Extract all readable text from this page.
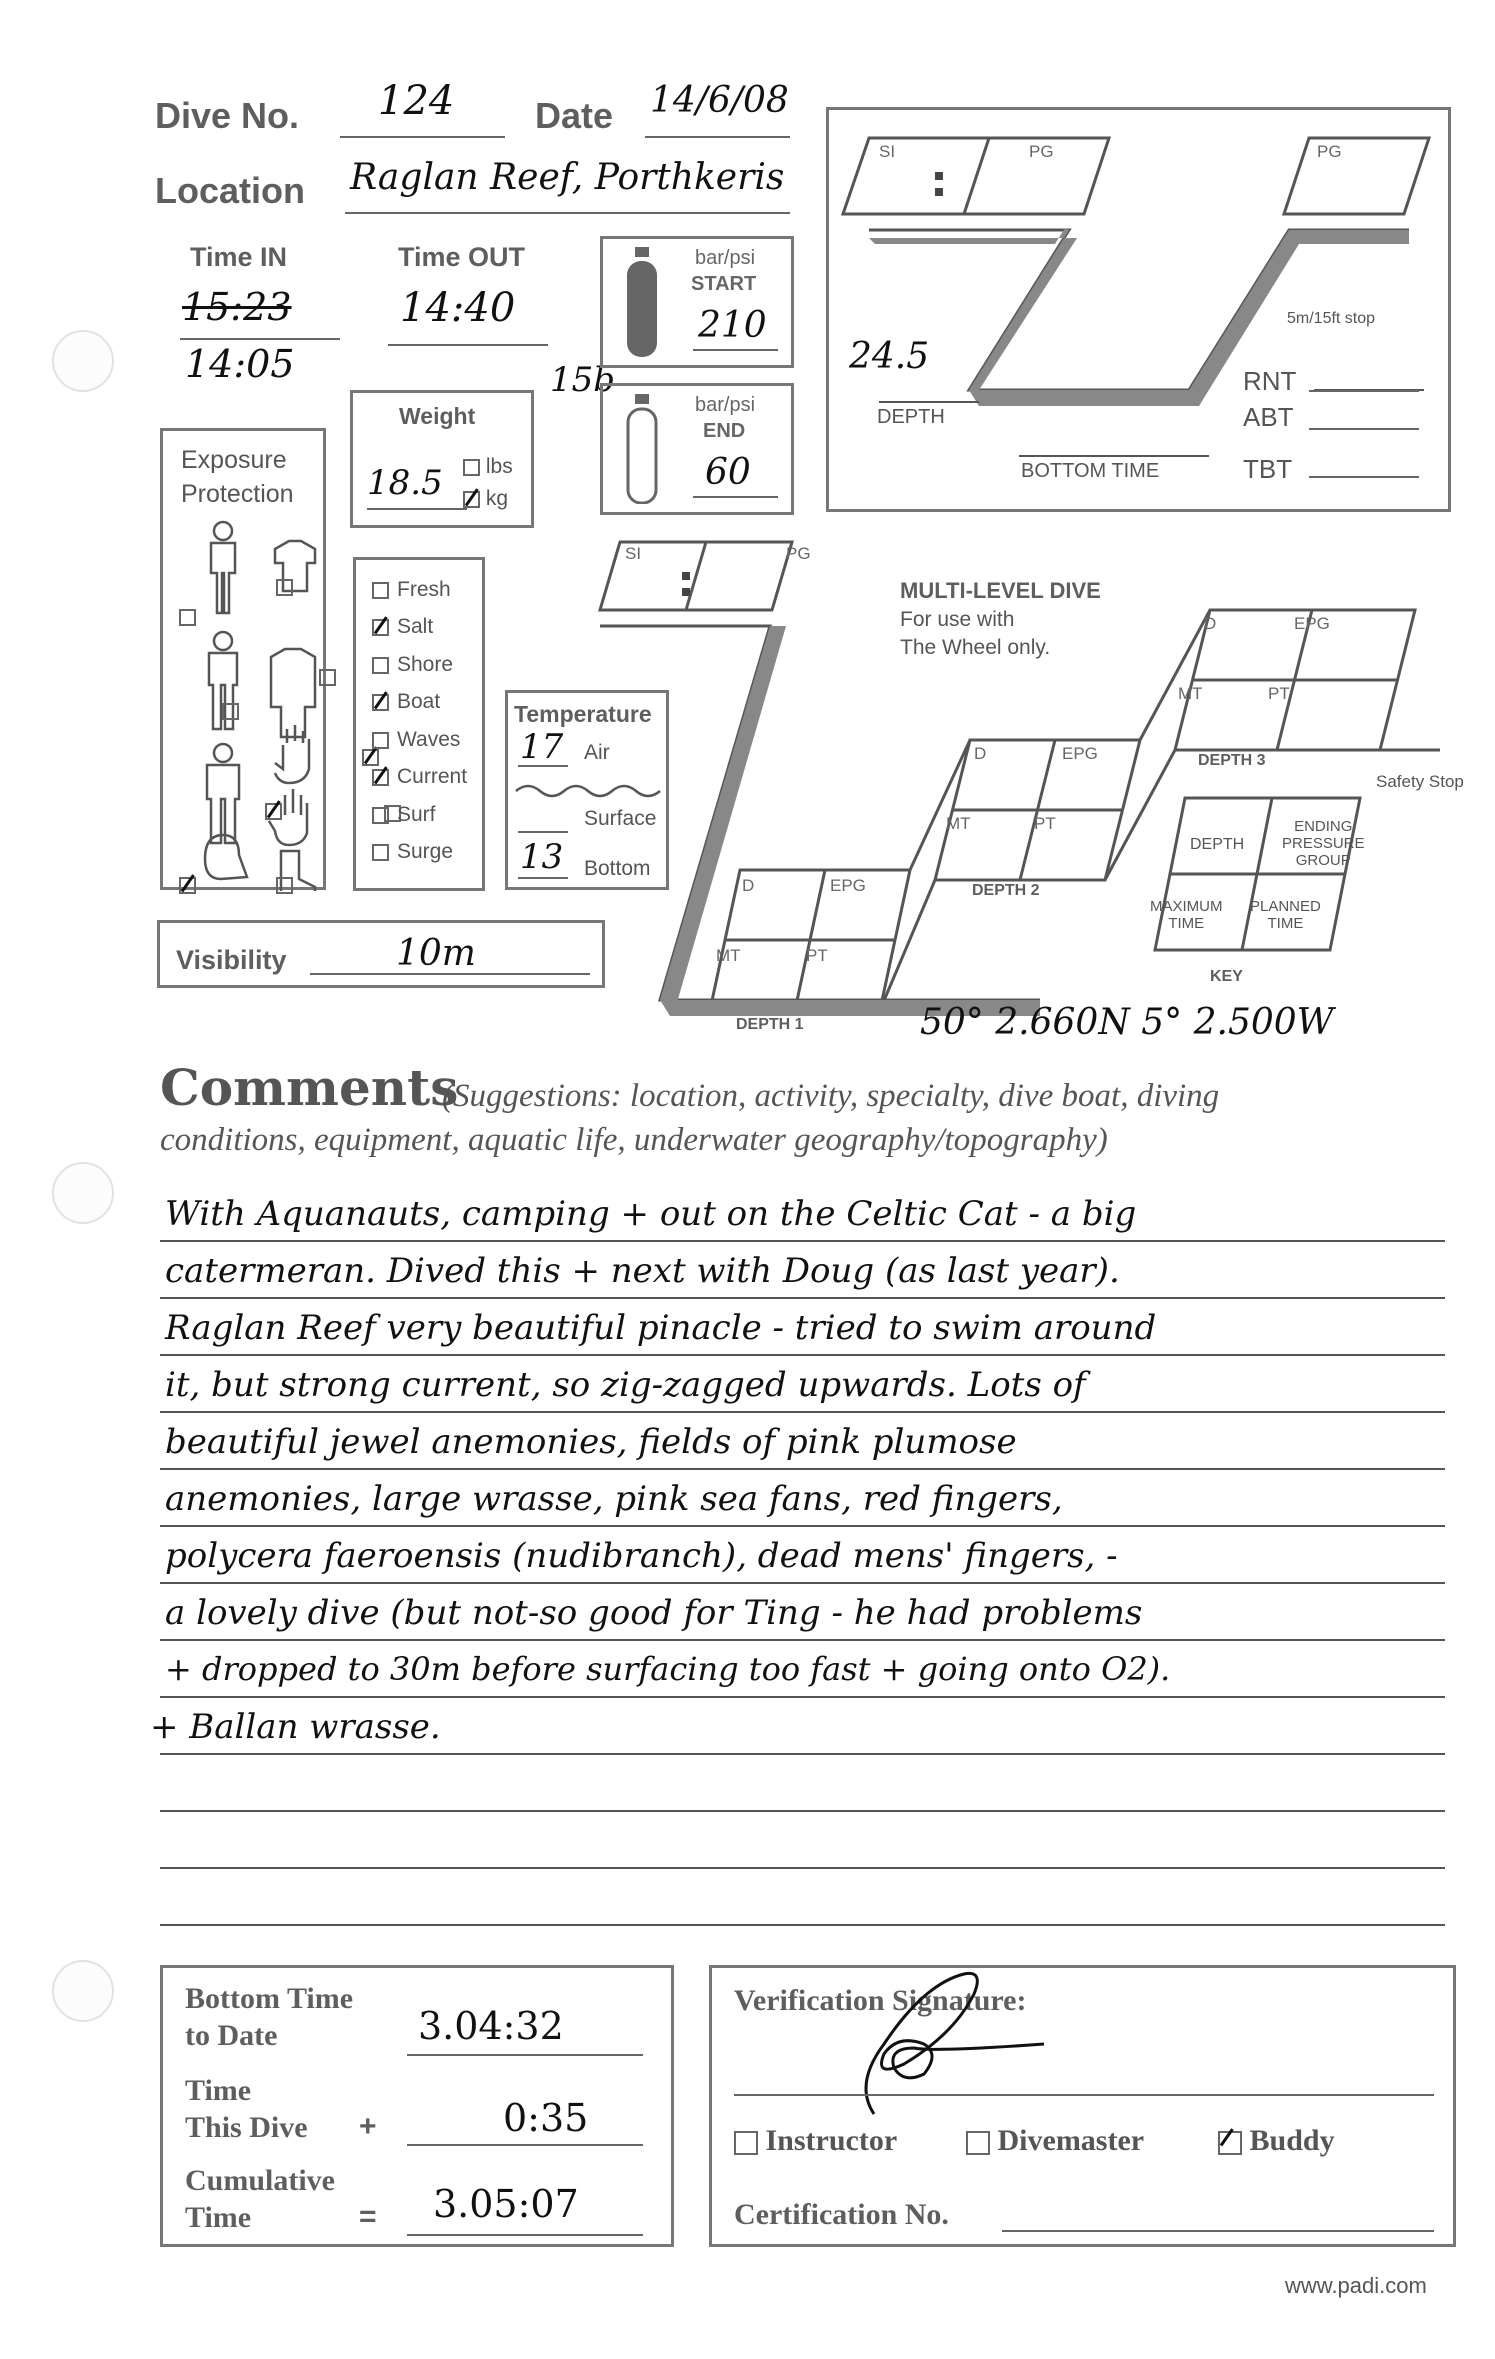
Dive No. 124 Date 14/6/08
Location Raglan Reef, Porthkeris
Time IN
15:23
14:05
Time OUT
14:40
15b
bar/psi
START
210
bar/psi
END
60
Weight
18.5	lbs
kg
Exposure
Protection

Fresh
Salt
Shore
Boat
Waves
Current
Surf
Surge
Temperature
17 Air
Surface
13 Bottom
Visibility	10m
SI	PG	PG
24.5
DEPTH
BOTTOM TIME
5m/15ft stop
RNT
ABT
TBT
SI	PG
MULTI-LEVEL DIVE
For use with
The Wheel only.
D	EPG
MT	PT
DEPTH 1
D	EPG
MT	PT
DEPTH 2
D	EPG
MT	PT
DEPTH 3
Safety Stop
DEPTH
ENDING
PRESSURE
GROUP
MAXIMUM
TIME
PLANNED
TIME
KEY
50° 2.660N 5° 2.500W
Comments
(Suggestions: location, activity, specialty, dive boat, diving
conditions, equipment, aquatic life, underwater geography/topography)
With Aquanauts, camping + out on the Celtic Cat - a big
catermeran. Dived this + next with Doug (as last year).
Raglan Reef very beautiful pinacle - tried to swim around
it, but strong current, so zig-zagged upwards. Lots of
beautiful jewel anemonies, fields of pink plumose
anemonies, large wrasse, pink sea fans, red fingers,
polycera faeroensis (nudibranch), dead mens' fingers, -
a lovely dive (but not-so good for Ting - he had problems
+ dropped to 30m before surfacing too fast + going onto O2).
+ Ballan wrasse.
Bottom Time
to Date	3.04:32
Time
This Dive +	0:35
Cumulative
Time	= 3.05:07
Verification Signature:
Instructor	Divemaster	Buddy
Certification No.
www.padi.com
